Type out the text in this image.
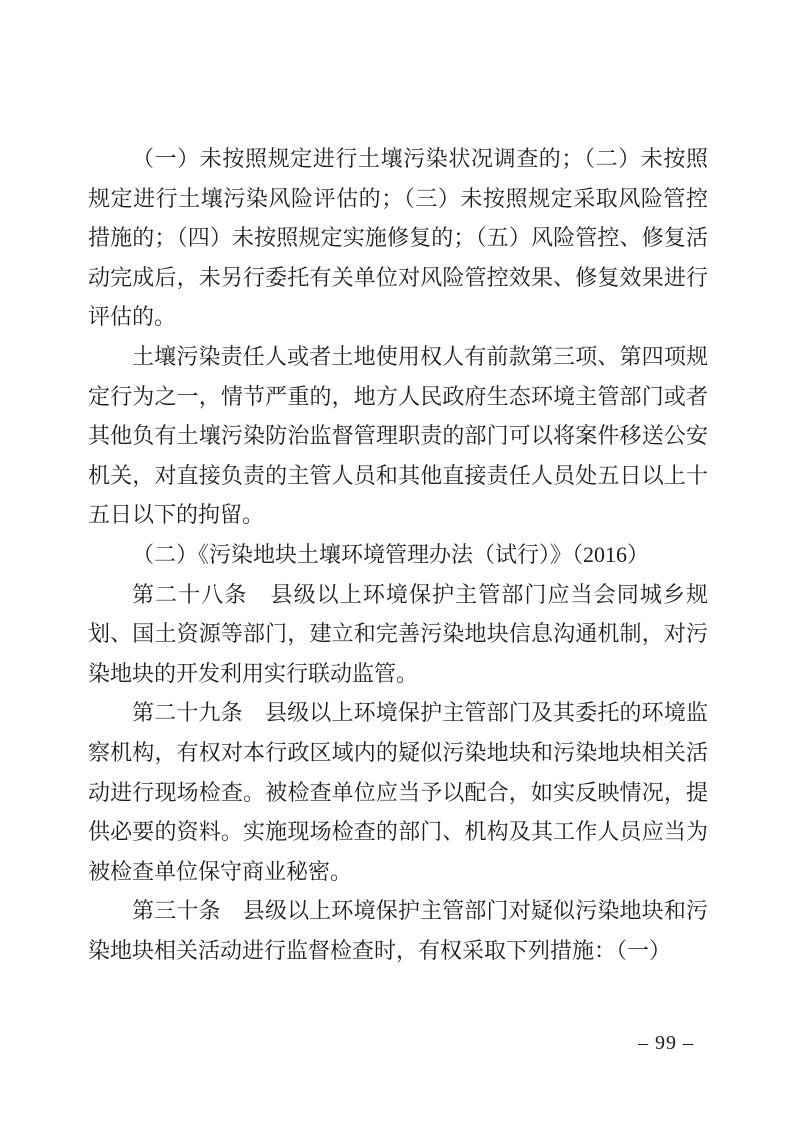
（一）未按照规定进行土壤污染状况调查的；（二）未按照规定进行土壤污染风险评估的；（三）未按照规定采取风险管控措施的；（四）未按照规定实施修复的；（五）风险管控、修复活动完成后，未另行委托有关单位对风险管控效果、修复效果进行评估的。

土壤污染责任人或者土地使用权人有前款第三项、第四项规定行为之一，情节严重的，地方人民政府生态环境主管部门或者其他负有土壤污染防治监督管理职责的部门可以将案件移送公安机关，对直接负责的主管人员和其他直接责任人员处五日以上十五日以下的拘留。

（二）《污染地块土壤环境管理办法（试行）》（2016）

第二十八条　县级以上环境保护主管部门应当会同城乡规划、国土资源等部门，建立和完善污染地块信息沟通机制，对污染地块的开发利用实行联动监管。

第二十九条　县级以上环境保护主管部门及其委托的环境监察机构，有权对本行政区域内的疑似污染地块和污染地块相关活动进行现场检查。被检查单位应当予以配合，如实反映情况，提供必要的资料。实施现场检查的部门、机构及其工作人员应当为被检查单位保守商业秘密。

第三十条　县级以上环境保护主管部门对疑似污染地块和污染地块相关活动进行监督检查时，有权采取下列措施：（一）

– 99 –
